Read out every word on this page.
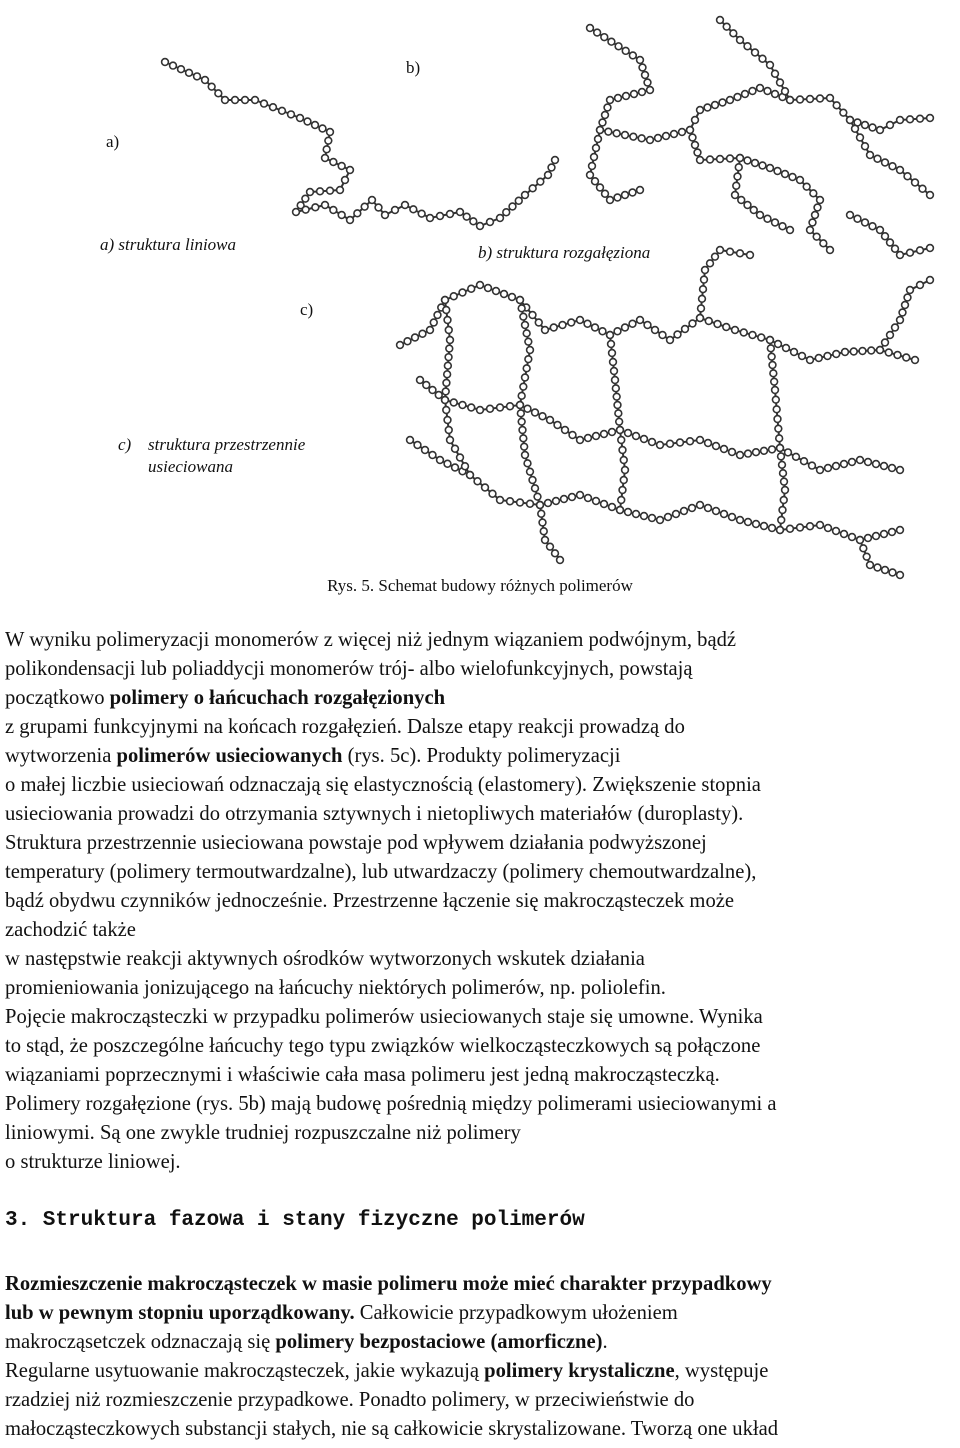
b)
a)
a) struktura liniowa	b) struktura rozgałęziona
c)
c) struktura przestrzennie
usieciowana
Rys. 5. Schemat budowy różnych polimerów

W wyniku polimeryzacji monomerów z więcej niż jednym wiązaniem podwójnym, bądź

polikondensacji lub poliaddycji monomerów trój- albo wielofunkcyjnych, powstają

początkowo polimery o łańcuchach rozgałęzionych

z grupami funkcyjnymi na końcach rozgałęzień. Dalsze etapy reakcji prowadzą do

wytworzenia polimerów usieciowanych (rys. 5c). Produkty polimeryzacji

o małej liczbie usieciowań odznaczają się elastycznością (elastomery). Zwiększenie stopnia

usieciowania prowadzi do otrzymania sztywnych i nietopliwych materiałów (duroplasty).

Struktura przestrzennie usieciowana powstaje pod wpływem działania podwyższonej

temperatury (polimery termoutwardzalne), lub utwardzaczy (polimery chemoutwardzalne),

bądź obydwu czynników jednocześnie. Przestrzenne łączenie się makrocząsteczek może

zachodzić także

w następstwie reakcji aktywnych ośrodków wytworzonych wskutek działania

promieniowania jonizującego na łańcuchy niektórych polimerów, np. poliolefin.

Pojęcie makrocząsteczki w przypadku polimerów usieciowanych staje się umowne. Wynika

to stąd, że poszczególne łańcuchy tego typu związków wielkocząsteczkowych są połączone

wiązaniami poprzecznymi i właściwie cała masa polimeru jest jedną makrocząsteczką.

Polimery rozgałęzione (rys. 5b) mają budowę pośrednią między polimerami usieciowanymi a

liniowymi. Są one zwykle trudniej rozpuszczalne niż polimery

o strukturze liniowej.

3. Struktura fazowa i stany fizyczne polimerów

Rozmieszczenie makrocząsteczek w masie polimeru może mieć charakter przypadkowy

lub w pewnym stopniu uporządkowany. Całkowicie przypadkowym ułożeniem

makrocząsetczek odznaczają się polimery bezpostaciowe (amorficzne).

Regularne usytuowanie makrocząsteczek, jakie wykazują polimery krystaliczne, występuje

rzadziej niż rozmieszczenie przypadkowe. Ponadto polimery, w przeciwieństwie do

małocząsteczkowych substancji stałych, nie są całkowicie skrystalizowane. Tworzą one układ
